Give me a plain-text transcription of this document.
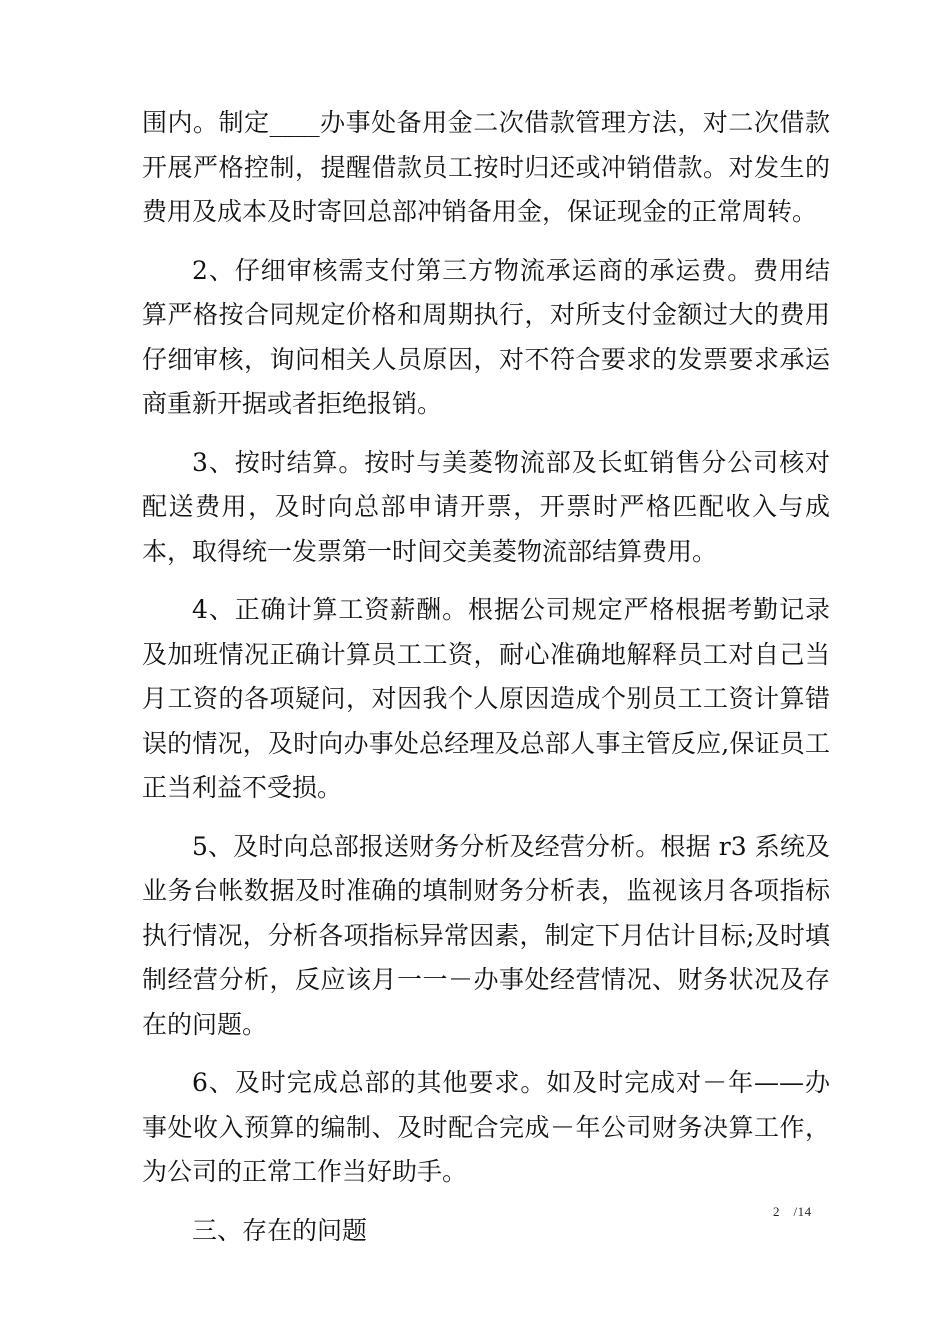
围内。制定____办事处备用金二次借款管理方法，对二次借款开展严格控制，提醒借款员工按时归还或冲销借款。对发生的费用及成本及时寄回总部冲销备用金，保证现金的正常周转。

2、仔细审核需支付第三方物流承运商的承运费。费用结算严格按合同规定价格和周期执行，对所支付金额过大的费用仔细审核，询问相关人员原因，对不符合要求的发票要求承运商重新开据或者拒绝报销。

3、按时结算。按时与美菱物流部及长虹销售分公司核对配送费用，及时向总部申请开票，开票时严格匹配收入与成本，取得统一发票第一时间交美菱物流部结算费用。

4、正确计算工资薪酬。根据公司规定严格根据考勤记录及加班情况正确计算员工工资，耐心准确地解释员工对自己当月工资的各项疑问，对因我个人原因造成个别员工工资计算错误的情况，及时向办事处总经理及总部人事主管反应,保证员工正当利益不受损。

5、及时向总部报送财务分析及经营分析。根据 r3 系统及业务台帐数据及时准确的填制财务分析表，监视该月各项指标执行情况，分析各项指标异常因素，制定下月估计目标;及时填制经营分析，反应该月一一－办事处经营情况、财务状况及存在的问题。

6、及时完成总部的其他要求。如及时完成对－年——办事处收入预算的编制、及时配合完成－年公司财务决算工作，为公司的正常工作当好助手。

三、存在的问题

2　/14
